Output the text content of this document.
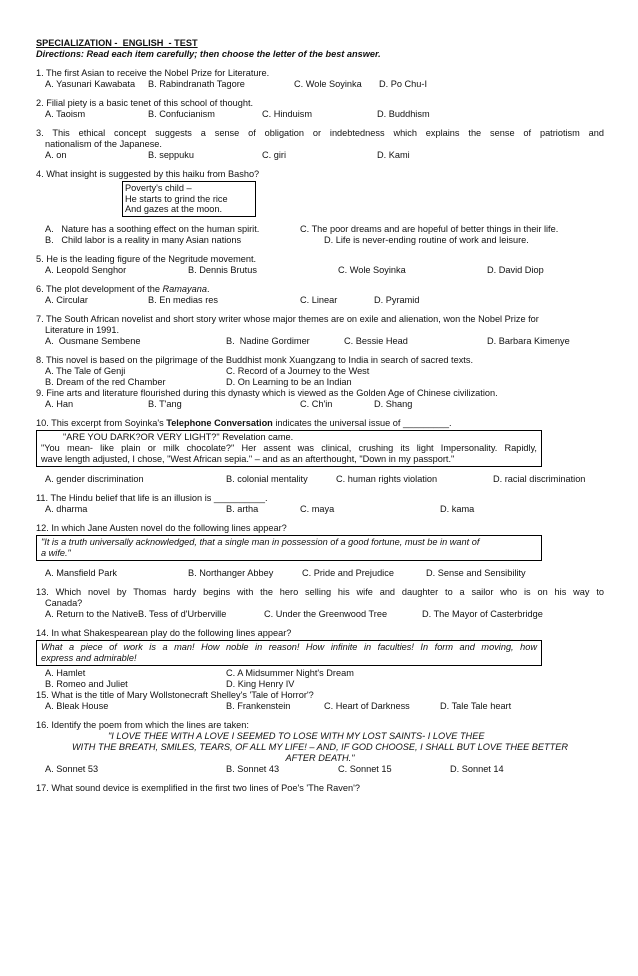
SPECIALIZATION -  ENGLISH  - TEST
Directions: Read each item carefully; then choose the letter of the best answer.
1. The first Asian to receive the Nobel Prize for Literature.
A. Yasunari Kawabata B. Rabindranath Tagore	C. Wole Soyinka D. Po Chu-I
2. Filial piety is a basic tenet of this school of thought.
A. Taoism	B. Confucianism	C. Hinduism	D. Buddhism
3. This ethical concept suggests a sense of obligation or indebtedness which explains the sense of patriotism and
nationalism of the Japanese.
A. on	B. seppuku	C. giri	D. Kami
4. What insight is suggested by this haiku from Basho?
Poverty's child –
He starts to grind the rice
And gazes at the moon.
A.   Nature has a soothing effect on the human spirit.	C. The poor dreams and are hopeful of better things in their life.
B.   Child labor is a reality in many Asian nations	D. Life is never-ending routine of work and leisure.
5. He is the leading figure of the Negritude movement.
A. Leopold Senghor	B. Dennis Brutus	C. Wole Soyinka	D. David Diop
6. The plot development of the Ramayana.
A. Circular	B. En medias res	C. Linear	D. Pyramid
7. The South African novelist and short story writer whose major themes are on exile and alienation, won the Nobel Prize for
Literature in 1991.
A.  Ousmane Sembene	B.  Nadine Gordimer	C. Bessie Head	D. Barbara Kimenye
8. This novel is based on the pilgrimage of the Buddhist monk Xuangzang to India in search of sacred texts.
A. The Tale of Genji	C. Record of a Journey to the West
B. Dream of the red Chamber	D. On Learning to be an Indian
9. Fine arts and literature flourished during this dynasty which is viewed as the Golden Age of Chinese civilization.
A. Han	B. T'ang	C. Ch'in	D. Shang
10. This excerpt from Soyinka's Telephone Conversation indicates the universal issue of _________.
"ARE YOU DARK?OR VERY LIGHT?" Revelation came.
"You mean- like plain or milk chocolate?" Her assent was clinical, crushing its light Impersonality. Rapidly,
wave length adjusted, I chose, "West African sepia." – and as an afterthought, "Down in my passport."
A. gender discrimination	B. colonial mentality	C. human rights violation	D. racial discrimination
11. The Hindu belief that life is an illusion is __________.
A. dharma	B. artha	C. maya	D. kama
12. In which Jane Austen novel do the following lines appear?
"It is a truth universally acknowledged, that a single man in possession of a good fortune, must be in want of
a wife."
A. Mansfield Park	B. Northanger Abbey	C. Pride and Prejudice	D. Sense and Sensibility
13. Which novel by Thomas hardy begins with the hero selling his wife and daughter to a sailor who is on his way to
Canada?
A. Return to the NativeB. Tess of d'Urberville	C. Under the Greenwood Tree	D. The Mayor of Casterbridge
14. In what Shakespearean play do the following lines appear?
What a piece of work is a man! How noble in reason! How infinite in faculties! In form and moving, how
express and admirable!
A. Hamlet	C. A Midsummer Night's Dream
B. Romeo and Juliet	D. King Henry IV
15. What is the title of Mary Wollstonecraft Shelley's 'Tale of Horror'?
A. Bleak House	B. Frankenstein	C. Heart of Darkness	D. Tale Tale heart
16. Identify the poem from which the lines are taken:
"I LOVE THEE WITH A LOVE I SEEMED TO LOSE WITH MY LOST SAINTS- I LOVE THEE
WITH THE BREATH, SMILES, TEARS, OF ALL MY LIFE! – AND, IF GOD CHOOSE, I SHALL BUT LOVE THEE BETTER
AFTER DEATH."
A. Sonnet 53	B. Sonnet 43	C. Sonnet 15	D. Sonnet 14
17. What sound device is exemplified in the first two lines of Poe's 'The Raven'?
